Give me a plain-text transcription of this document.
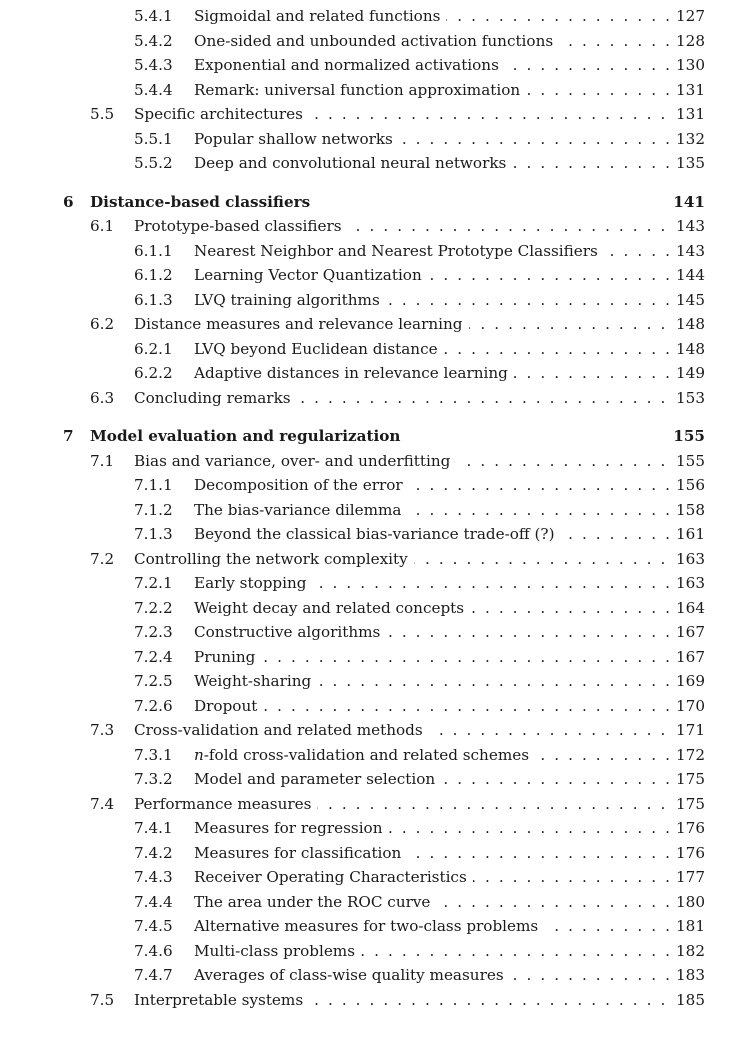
. . .
5.4.1 Sigmoidal and related functions	127
. . .
5.4.2 One-sided and unbounded activation functions	128
. . .
5.4.3 Exponential and normalized activations	130
. . .
5.4.4 Remark: universal function approximation	131
. . .
5.5 Specific architectures	131
. . .
5.5.1 Popular shallow networks	132
. . .
5.5.2 Deep and convolutional neural networks	135
6 Distance-based classifiers	141
. . .
6.1 Prototype-based classifiers	143
. . .
6.1.1 Nearest Neighbor and Nearest Prototype Classifiers	143
. . .
6.1.2 Learning Vector Quantization	144
. . .
6.1.3 LVQ training algorithms	145
. . .
6.2 Distance measures and relevance learning	148
. . .
6.2.1 LVQ beyond Euclidean distance	148
. . .
6.2.2 Adaptive distances in relevance learning	149
. . .
6.3 Concluding remarks	153
7 Model evaluation and regularization	155
. . .
7.1 Bias and variance, over- and underfitting	155
. . .
7.1.1 Decomposition of the error	156
. . .
7.1.2 The bias-variance dilemma	158
. . .
7.1.3 Beyond the classical bias-variance trade-off (?)	161
. . .
7.2 Controlling the network complexity	163
. . .
7.2.1 Early stopping	163
. . .
7.2.2 Weight decay and related concepts	164
. . .
7.2.3 Constructive algorithms	167
. . .
7.2.4 Pruning	167
. . .
7.2.5 Weight-sharing	169
. . .
7.2.6 Dropout	170
. . .
7.3 Cross-validation and related methods	171
. . .
7.3.1 n-fold cross-validation and related schemes	172
. . .
7.3.2 Model and parameter selection	175
. . .
7.4 Performance measures	175
. . .
7.4.1 Measures for regression	176
. . .
7.4.2 Measures for classification	176
. . .
7.4.3 Receiver Operating Characteristics	177
. . .
7.4.4 The area under the ROC curve	180
. . .
7.4.5 Alternative measures for two-class problems	181
. . .
7.4.6 Multi-class problems	182
. . .
7.4.7 Averages of class-wise quality measures	183
. . .
7.5 Interpretable systems	185
